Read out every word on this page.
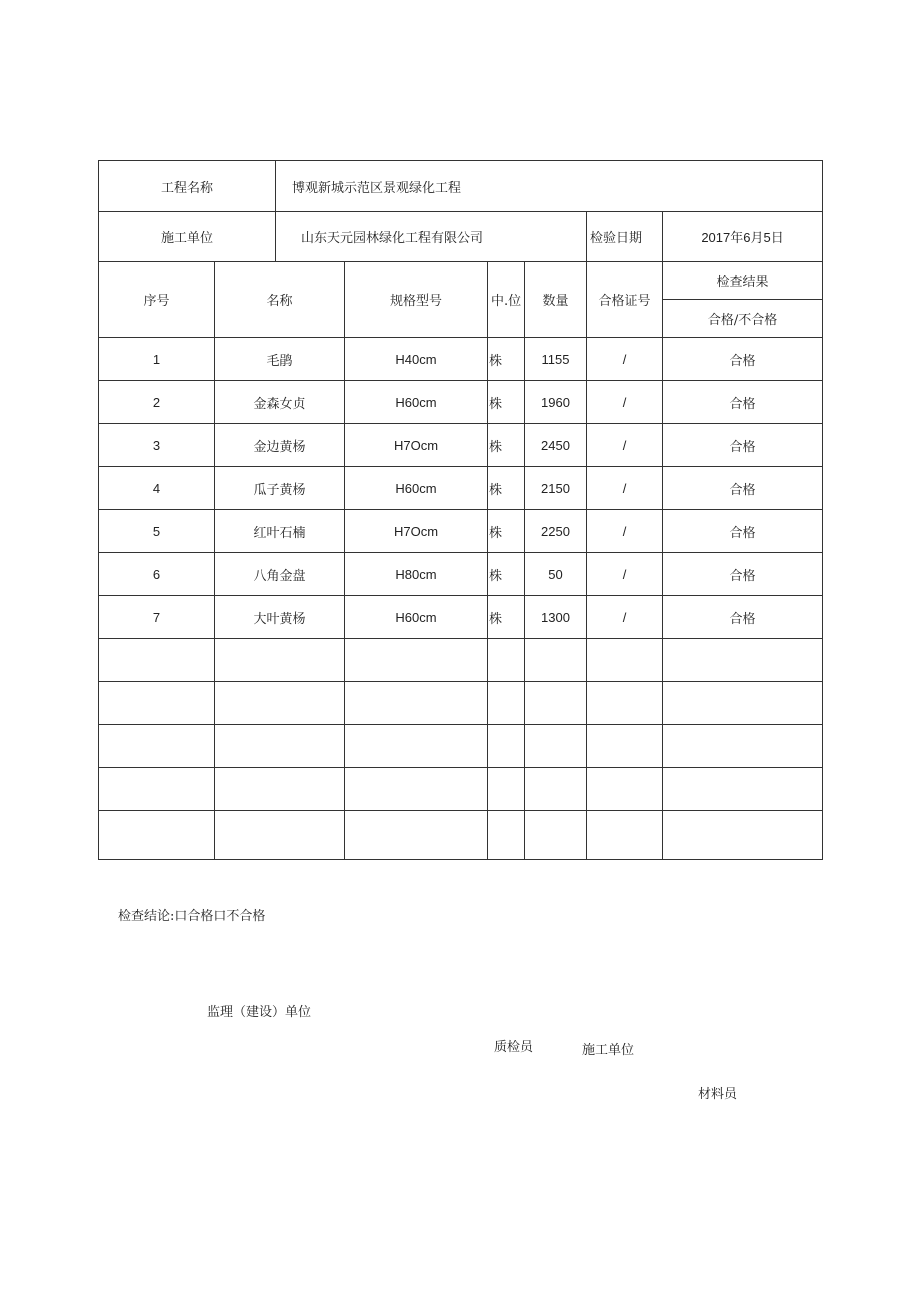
工程名称		博观新城示范区景观绿化工程					
施工单位		山东天元园林绿化工程有限公司				检验日期	2017年6月5日
序号	名称		规格型号	中.位	数量	合格证号	检查结果
							合格/不合格
1	毛鹃		H40cm	株	1155	/	合格
2	金森女贞		H60cm	株	1960	/	合格
3	金边黄杨		H7Ocm	株	2450	/	合格
4	瓜子黄杨		H60cm	株	2150	/	合格
5	红叶石楠		H7Ocm	株	2250	/	合格
6	八角金盘		H80cm	株	50	/	合格
7	大叶黄杨		H60cm	株	1300	/	合格

检查结论:口合格口不合格
监理（建设）单位
质检员	施工单位
材料员
